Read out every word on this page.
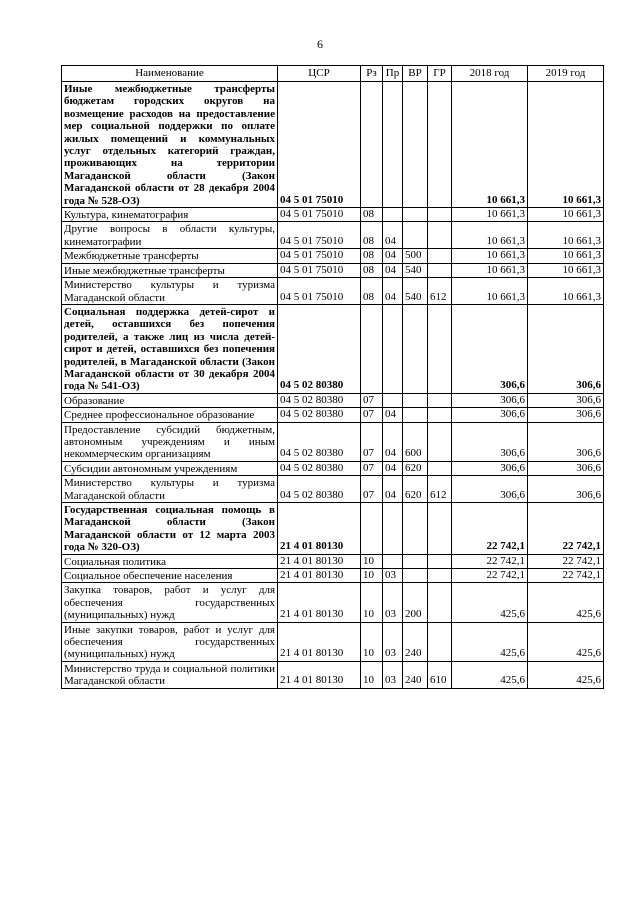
6
Наименование	ЦСР	Рз	Пр	ВР	ГР	2018 год	2019 год
Иные межбюджетные трансферты бюджетам городских округов на возмещение расходов на предоставление мер социальной поддержки по оплате жилых помещений и коммунальных услуг отдельных категорий граждан, проживающих на территории Магаданской области (Закон Магаданской области от 28 декабря 2004 года № 528-ОЗ)	04 5 01 75010					10 661,3	10 661,3
Культура, кинематография	04 5 01 75010	08				10 661,3	10 661,3
Другие вопросы в области культуры, кинематографии	04 5 01 75010	08	04			10 661,3	10 661,3
Межбюджетные трансферты	04 5 01 75010	08	04	500		10 661,3	10 661,3
Иные межбюджетные трансферты	04 5 01 75010	08	04	540		10 661,3	10 661,3
Министерство культуры и туризма Магаданской области	04 5 01 75010	08	04	540	612	10 661,3	10 661,3
Социальная поддержка детей-сирот и детей, оставшихся без попечения родителей, а также лиц из числа детей-сирот и детей, оставшихся без попечения родителей, в Магаданской области (Закон Магаданской области от 30 декабря 2004 года № 541-ОЗ)	04 5 02 80380					306,6	306,6
Образование	04 5 02 80380	07				306,6	306,6
Среднее профессиональное образование	04 5 02 80380	07	04			306,6	306,6
Предоставление субсидий бюджетным, автономным учреждениям и иным некоммерческим организациям	04 5 02 80380	07	04	600		306,6	306,6
Субсидии автономным учреждениям	04 5 02 80380	07	04	620		306,6	306,6
Министерство культуры и туризма Магаданской области	04 5 02 80380	07	04	620	612	306,6	306,6
Государственная социальная помощь в Магаданской области (Закон Магаданской области от 12 марта 2003 года № 320-ОЗ)	21 4 01 80130					22 742,1	22 742,1
Социальная политика	21 4 01 80130	10				22 742,1	22 742,1
Социальное обеспечение населения	21 4 01 80130	10	03			22 742,1	22 742,1
Закупка товаров, работ и услуг для обеспечения государственных (муниципальных) нужд	21 4 01 80130	10	03	200		425,6	425,6
Иные закупки товаров, работ и услуг для обеспечения государственных (муниципальных) нужд	21 4 01 80130	10	03	240		425,6	425,6
Министерство труда и социальной политики Магаданской области	21 4 01 80130	10	03	240	610	425,6	425,6
